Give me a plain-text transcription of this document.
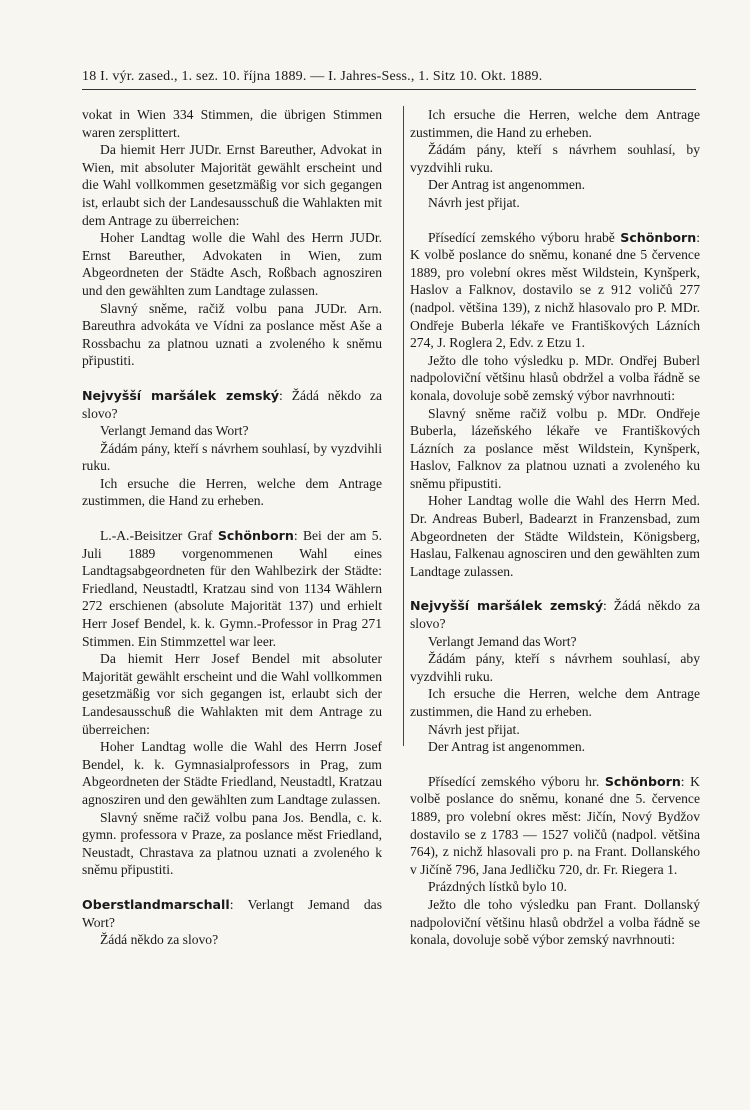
18 I. výr. zased., 1. sez. 10. října 1889. — I. Jahres-Sess., 1. Sitz 10. Okt. 1889.

vokat in Wien 334 Stimmen, die übrigen Stimmen waren zersplittert.

Da hiemit Herr JUDr. Ernst Bareuther, Advokat in Wien, mit absoluter Majorität gewählt erscheint und die Wahl vollkommen gesetzmäßig vor sich gegangen ist, erlaubt sich der Landesausschuß die Wahlakten mit dem Antrage zu überreichen:

Hoher Landtag wolle die Wahl des Herrn JUDr. Ernst Bareuther, Advokaten in Wien, zum Abgeordneten der Städte Asch, Roßbach agnosziren und den gewählten zum Landtage zulassen.

Slavný sněme, račiž volbu pana JUDr. Arn. Bareuthra advokáta ve Vídni za poslance měst Aše a Rossbachu za platnou uznati a zvoleného k sněmu připustiti.

Nejvyšší maršálek zemský: Žádá někdo za slovo?

Verlangt Jemand das Wort?

Žádám pány, kteří s návrhem souhlasí, by vyzdvihli ruku.

Ich ersuche die Herren, welche dem Antrage zustimmen, die Hand zu erheben.

L.-A.-Beisitzer Graf Schönborn: Bei der am 5. Juli 1889 vorgenommenen Wahl eines Landtagsabgeordneten für den Wahlbezirk der Städte: Friedland, Neustadtl, Kratzau sind von 1134 Wählern 272 erschienen (absolute Majorität 137) und erhielt Herr Josef Bendel, k. k. Gymn.-Professor in Prag 271 Stimmen. Ein Stimmzettel war leer.

Da hiemit Herr Josef Bendel mit absoluter Majorität gewählt erscheint und die Wahl vollkommen gesetzmäßig vor sich gegangen ist, erlaubt sich der Landesausschuß die Wahlakten mit dem Antrage zu überreichen:

Hoher Landtag wolle die Wahl des Herrn Josef Bendel, k. k. Gymnasialprofessors in Prag, zum Abgeordneten der Städte Friedland, Neustadtl, Kratzau agnosziren und den gewählten zum Landtage zulassen.

Slavný sněme račiž volbu pana Jos. Bendla, c. k. gymn. professora v Praze, za poslance měst Friedland, Neustadt, Chrastava za platnou uznati a zvoleného k sněmu připustiti.

Oberstlandmarschall: Verlangt Jemand das Wort?

Žádá někdo za slovo?

Ich ersuche die Herren, welche dem Antrage zustimmen, die Hand zu erheben.

Žádám pány, kteří s návrhem souhlasí, by vyzdvihli ruku.

Der Antrag ist angenommen.

Návrh jest přijat.

Přísedící zemského výboru hrabě Schönborn: K volbě poslance do sněmu, konané dne 5 července 1889, pro volební okres měst Wildstein, Kynšperk, Haslov a Falknov, dostavilo se z 912 voličů 277 (nadpol. většina 139), z nichž hlasovalo pro P. MDr. Ondřeje Buberla lékaře ve Františkových Lázních 274, J. Roglera 2, Edv. z Etzu 1.

Ježto dle toho výsledku p. MDr. Ondřej Buberl nadpoloviční většinu hlasů obdržel a volba řádně se konala, dovoluje sobě zemský výbor navrhnouti:

Slavný sněme račiž volbu p. MDr. Ondřeje Buberla, lázeňského lékaře ve Františkových Lázních za poslance měst Wildstein, Kynšperk, Haslov, Falknov za platnou uznati a zvoleného ku sněmu připustiti.

Hoher Landtag wolle die Wahl des Herrn Med. Dr. Andreas Buberl, Badearzt in Franzensbad, zum Abgeordneten der Städte Wildstein, Königsberg, Haslau, Falkenau agnosciren und den gewählten zum Landtage zulassen.

Nejvyšší maršálek zemský: Žádá někdo za slovo?

Verlangt Jemand das Wort?

Žádám pány, kteří s návrhem souhlasí, aby vyzdvihli ruku.

Ich ersuche die Herren, welche dem Antrage zustimmen, die Hand zu erheben.

Návrh jest přijat.

Der Antrag ist angenommen.

Přísedící zemského výboru hr. Schönborn: K volbě poslance do sněmu, konané dne 5. července 1889, pro volební okres měst: Jičín, Nový Bydžov dostavilo se z 1783 — 1527 voličů (nadpol. většina 764), z nichž hlasovali pro p. na Frant. Dollanského v Jičíně 796, Jana Jedličku 720, dr. Fr. Riegera 1.

Prázdných lístků bylo 10.

Ježto dle toho výsledku pan Frant. Dollanský nadpoloviční většinu hlasů obdržel a volba řádně se konala, dovoluje sobě výbor zemský navrhnouti:
